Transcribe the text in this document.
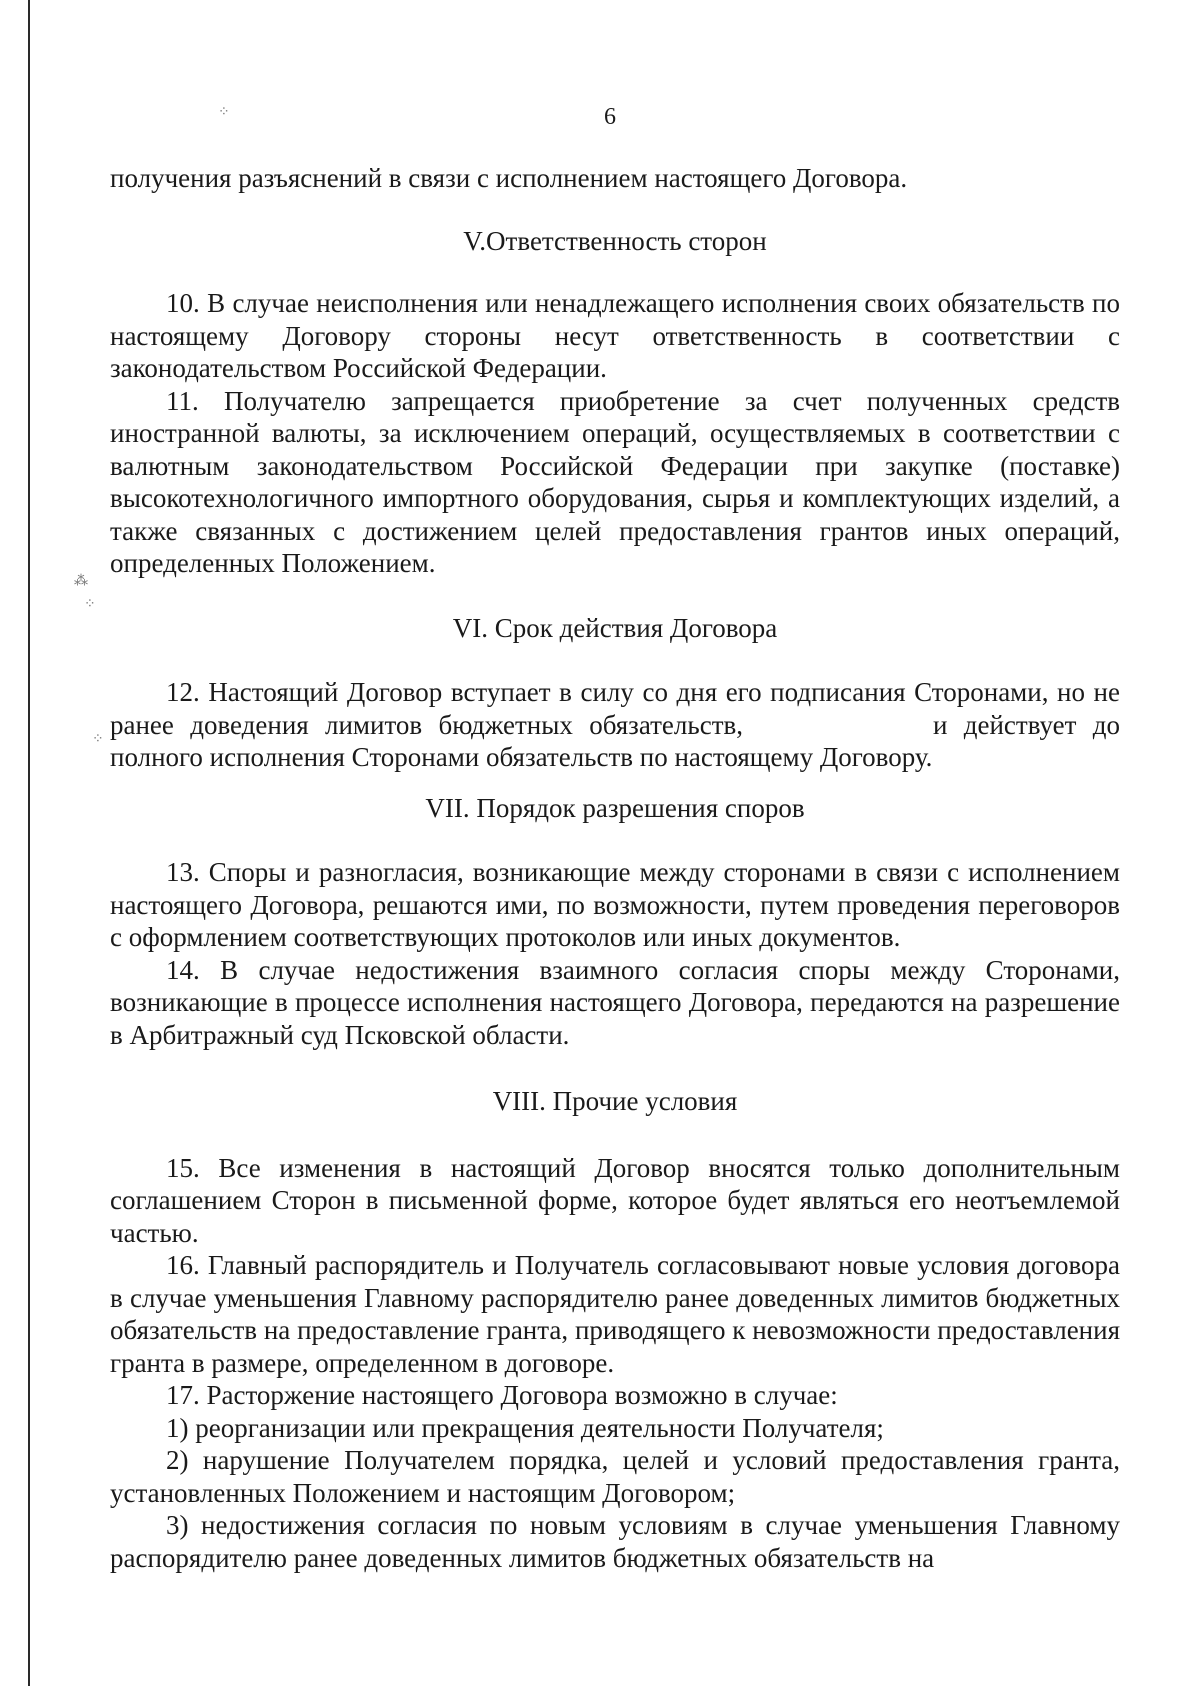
⁘
⁂
⁘
⁘
6

получения разъяснений в связи с исполнением настоящего Договора.

V.Ответственность сторон

10. В случае неисполнения или ненадлежащего исполнения своих обязательств по настоящему Договору стороны несут ответственность в соответствии с законодательством Российской Федерации.

11. Получателю запрещается приобретение за счет полученных средств иностранной валюты, за исключением операций, осуществляемых в соответствии с валютным законодательством Российской Федерации при закупке (поставке) высокотехнологичного импортного оборудования, сырья и комплектующих изделий, а также связанных с достижением целей предоставления грантов иных операций, определенных Положением.

VI. Срок действия Договора

12. Настоящий Договор вступает в силу со дня его подписания Сторонами, но не ранее доведения лимитов бюджетных обязательств,	и действует до полного исполнения Сторонами обязательств по настоящему Договору.

VII. Порядок разрешения споров

13. Споры и разногласия, возникающие между сторонами в связи с исполнением настоящего Договора, решаются ими, по возможности, путем проведения переговоров с оформлением соответствующих протоколов или иных документов.

14. В случае недостижения взаимного согласия споры между Сторонами, возникающие в процессе исполнения настоящего Договора, передаются на разрешение в Арбитражный суд Псковской области.

VIII. Прочие условия

15. Все изменения в настоящий Договор вносятся только дополнительным соглашением Сторон в письменной форме, которое будет являться его неотъемлемой частью.

16. Главный распорядитель и Получатель согласовывают новые условия договора в случае уменьшения Главному распорядителю ранее доведенных лимитов бюджетных обязательств на предоставление гранта, приводящего к невозможности предоставления гранта в размере, определенном в договоре.

17. Расторжение настоящего Договора возможно в случае:

1) реорганизации или прекращения деятельности Получателя;

2) нарушение Получателем порядка, целей и условий предоставления гранта, установленных Положением и настоящим Договором;

3) недостижения согласия по новым условиям в случае уменьшения Главному распорядителю ранее доведенных лимитов бюджетных обязательств на
